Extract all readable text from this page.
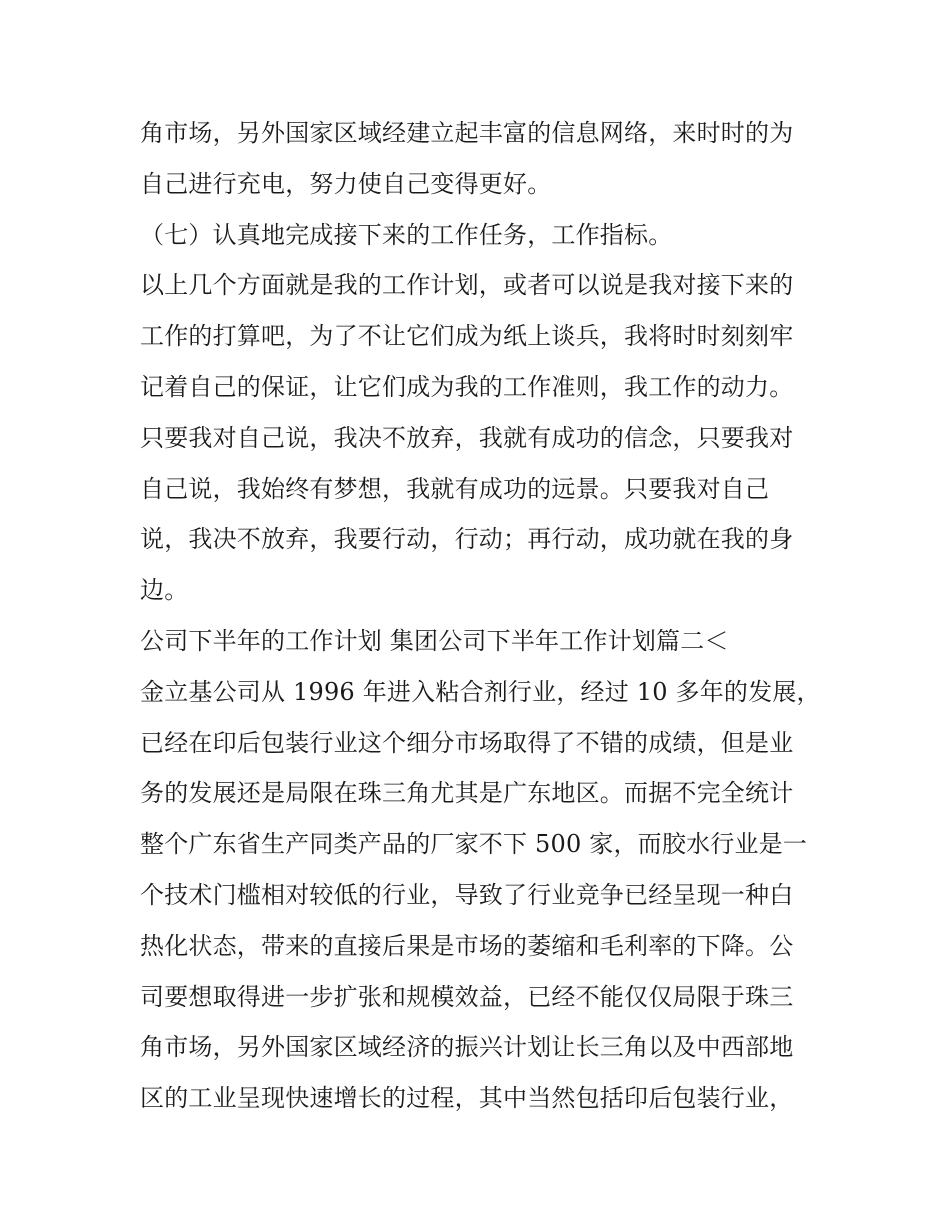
角市场，另外国家区域经建立起丰富的信息网络，来时时的为
自己进行充电，努力使自己变得更好。
（七）认真地完成接下来的工作任务，工作指标。
以上几个方面就是我的工作计划，或者可以说是我对接下来的
工作的打算吧，为了不让它们成为纸上谈兵，我将时时刻刻牢
记着自己的保证，让它们成为我的工作准则，我工作的动力。
只要我对自己说，我决不放弃，我就有成功的信念，只要我对
自己说，我始终有梦想，我就有成功的远景。只要我对自己
说，我决不放弃，我要行动，行动；再行动，成功就在我的身
边。
公司下半年的工作计划 集团公司下半年工作计划篇二＜
金立基公司从 1996 年进入粘合剂行业，经过 10 多年的发展，
已经在印后包装行业这个细分市场取得了不错的成绩，但是业
务的发展还是局限在珠三角尤其是广东地区。而据不完全统计
整个广东省生产同类产品的厂家不下 500 家，而胶水行业是一
个技术门槛相对较低的行业，导致了行业竞争已经呈现一种白
热化状态，带来的直接后果是市场的萎缩和毛利率的下降。公
司要想取得进一步扩张和规模效益，已经不能仅仅局限于珠三
角市场，另外国家区域经济的振兴计划让长三角以及中西部地
区的工业呈现快速增长的过程，其中当然包括印后包装行业，
